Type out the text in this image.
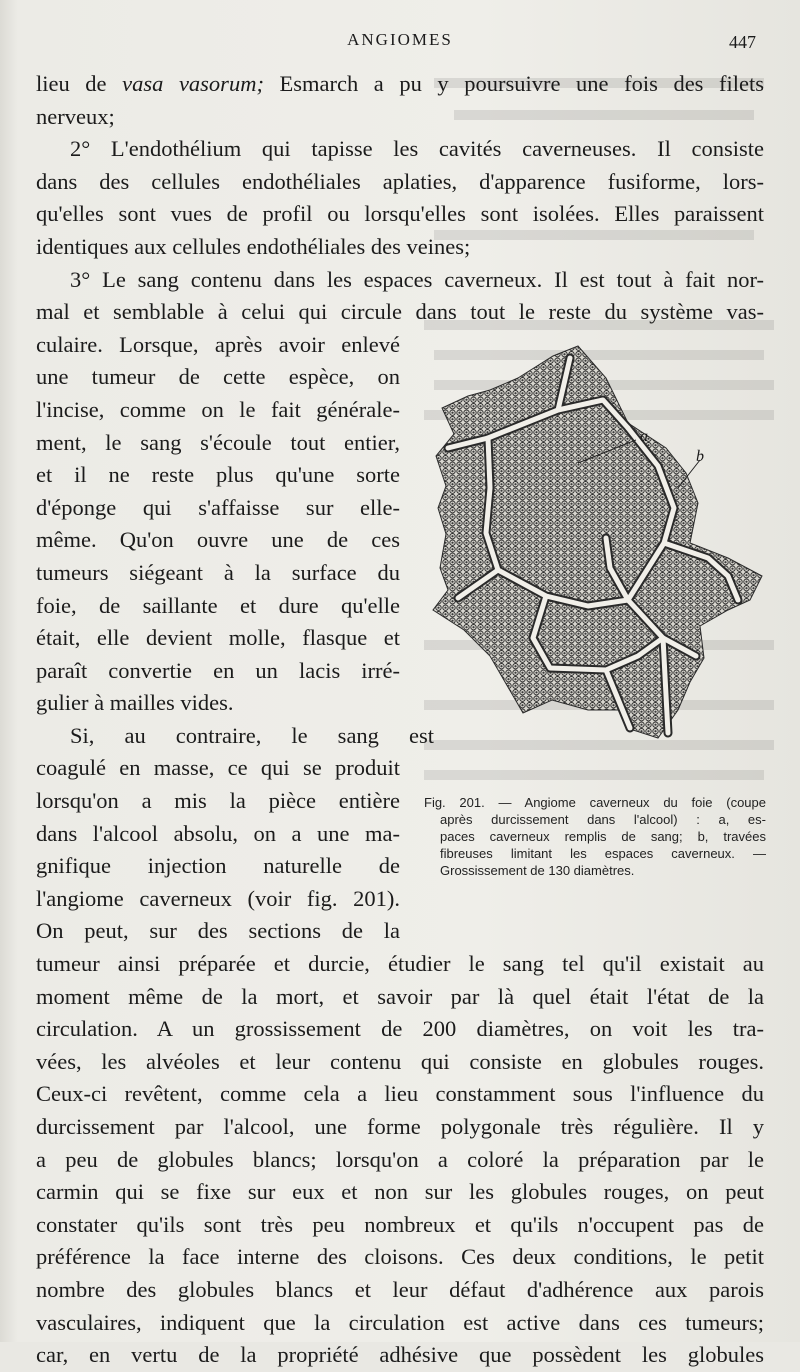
ANGIOMES	447
lieu de vasa vasorum; Esmarch a pu y poursuivre une fois des filets
nerveux;
2° L'endothélium qui tapisse les cavités caverneuses. Il consiste
dans des cellules endothéliales aplaties, d'apparence fusiforme, lors-
qu'elles sont vues de profil ou lorsqu'elles sont isolées. Elles paraissent
identiques aux cellules endothéliales des veines;
3° Le sang contenu dans les espaces caverneux. Il est tout à fait nor-
mal et semblable à celui qui circule dans tout le reste du système vas-
culaire. Lorsque, après avoir enlevé
une tumeur de cette espèce, on
l'incise, comme on le fait générale-
ment, le sang s'écoule tout entier,
et il ne reste plus qu'une sorte
d'éponge qui s'affaisse sur elle-
même. Qu'on ouvre une de ces
tumeurs siégeant à la surface du
foie, de saillante et dure qu'elle
était, elle devient molle, flasque et
paraît convertie en un lacis irré-
gulier à mailles vides.
Si, au contraire, le sang est
coagulé en masse, ce qui se produit
lorsqu'on a mis la pièce entière
dans l'alcool absolu, on a une ma-
gnifique injection naturelle de
l'angiome caverneux (voir fig. 201).
On peut, sur des sections de la
tumeur ainsi préparée et durcie, étudier le sang tel qu'il existait au
moment même de la mort, et savoir par là quel était l'état de la
circulation. A un grossissement de 200 diamètres, on voit les tra-
vées, les alvéoles et leur contenu qui consiste en globules rouges.
Ceux-ci revêtent, comme cela a lieu constamment sous l'influence du
durcissement par l'alcool, une forme polygonale très régulière. Il y
a peu de globules blancs; lorsqu'on a coloré la préparation par le
carmin qui se fixe sur eux et non sur les globules rouges, on peut
constater qu'ils sont très peu nombreux et qu'ils n'occupent pas de
préférence la face interne des cloisons. Ces deux conditions, le petit
nombre des globules blancs et leur défaut d'adhérence aux parois
vasculaires, indiquent que la circulation est active dans ces tumeurs;
car, en vertu de la propriété adhésive que possèdent les globules
a
b
Fig. 201. — Angiome caverneux du foie (coupe
après durcissement dans l'alcool) : a, es-
paces caverneux remplis de sang; b, travées
fibreuses limitant les espaces caverneux. —
Grossissement de 130 diamètres.
